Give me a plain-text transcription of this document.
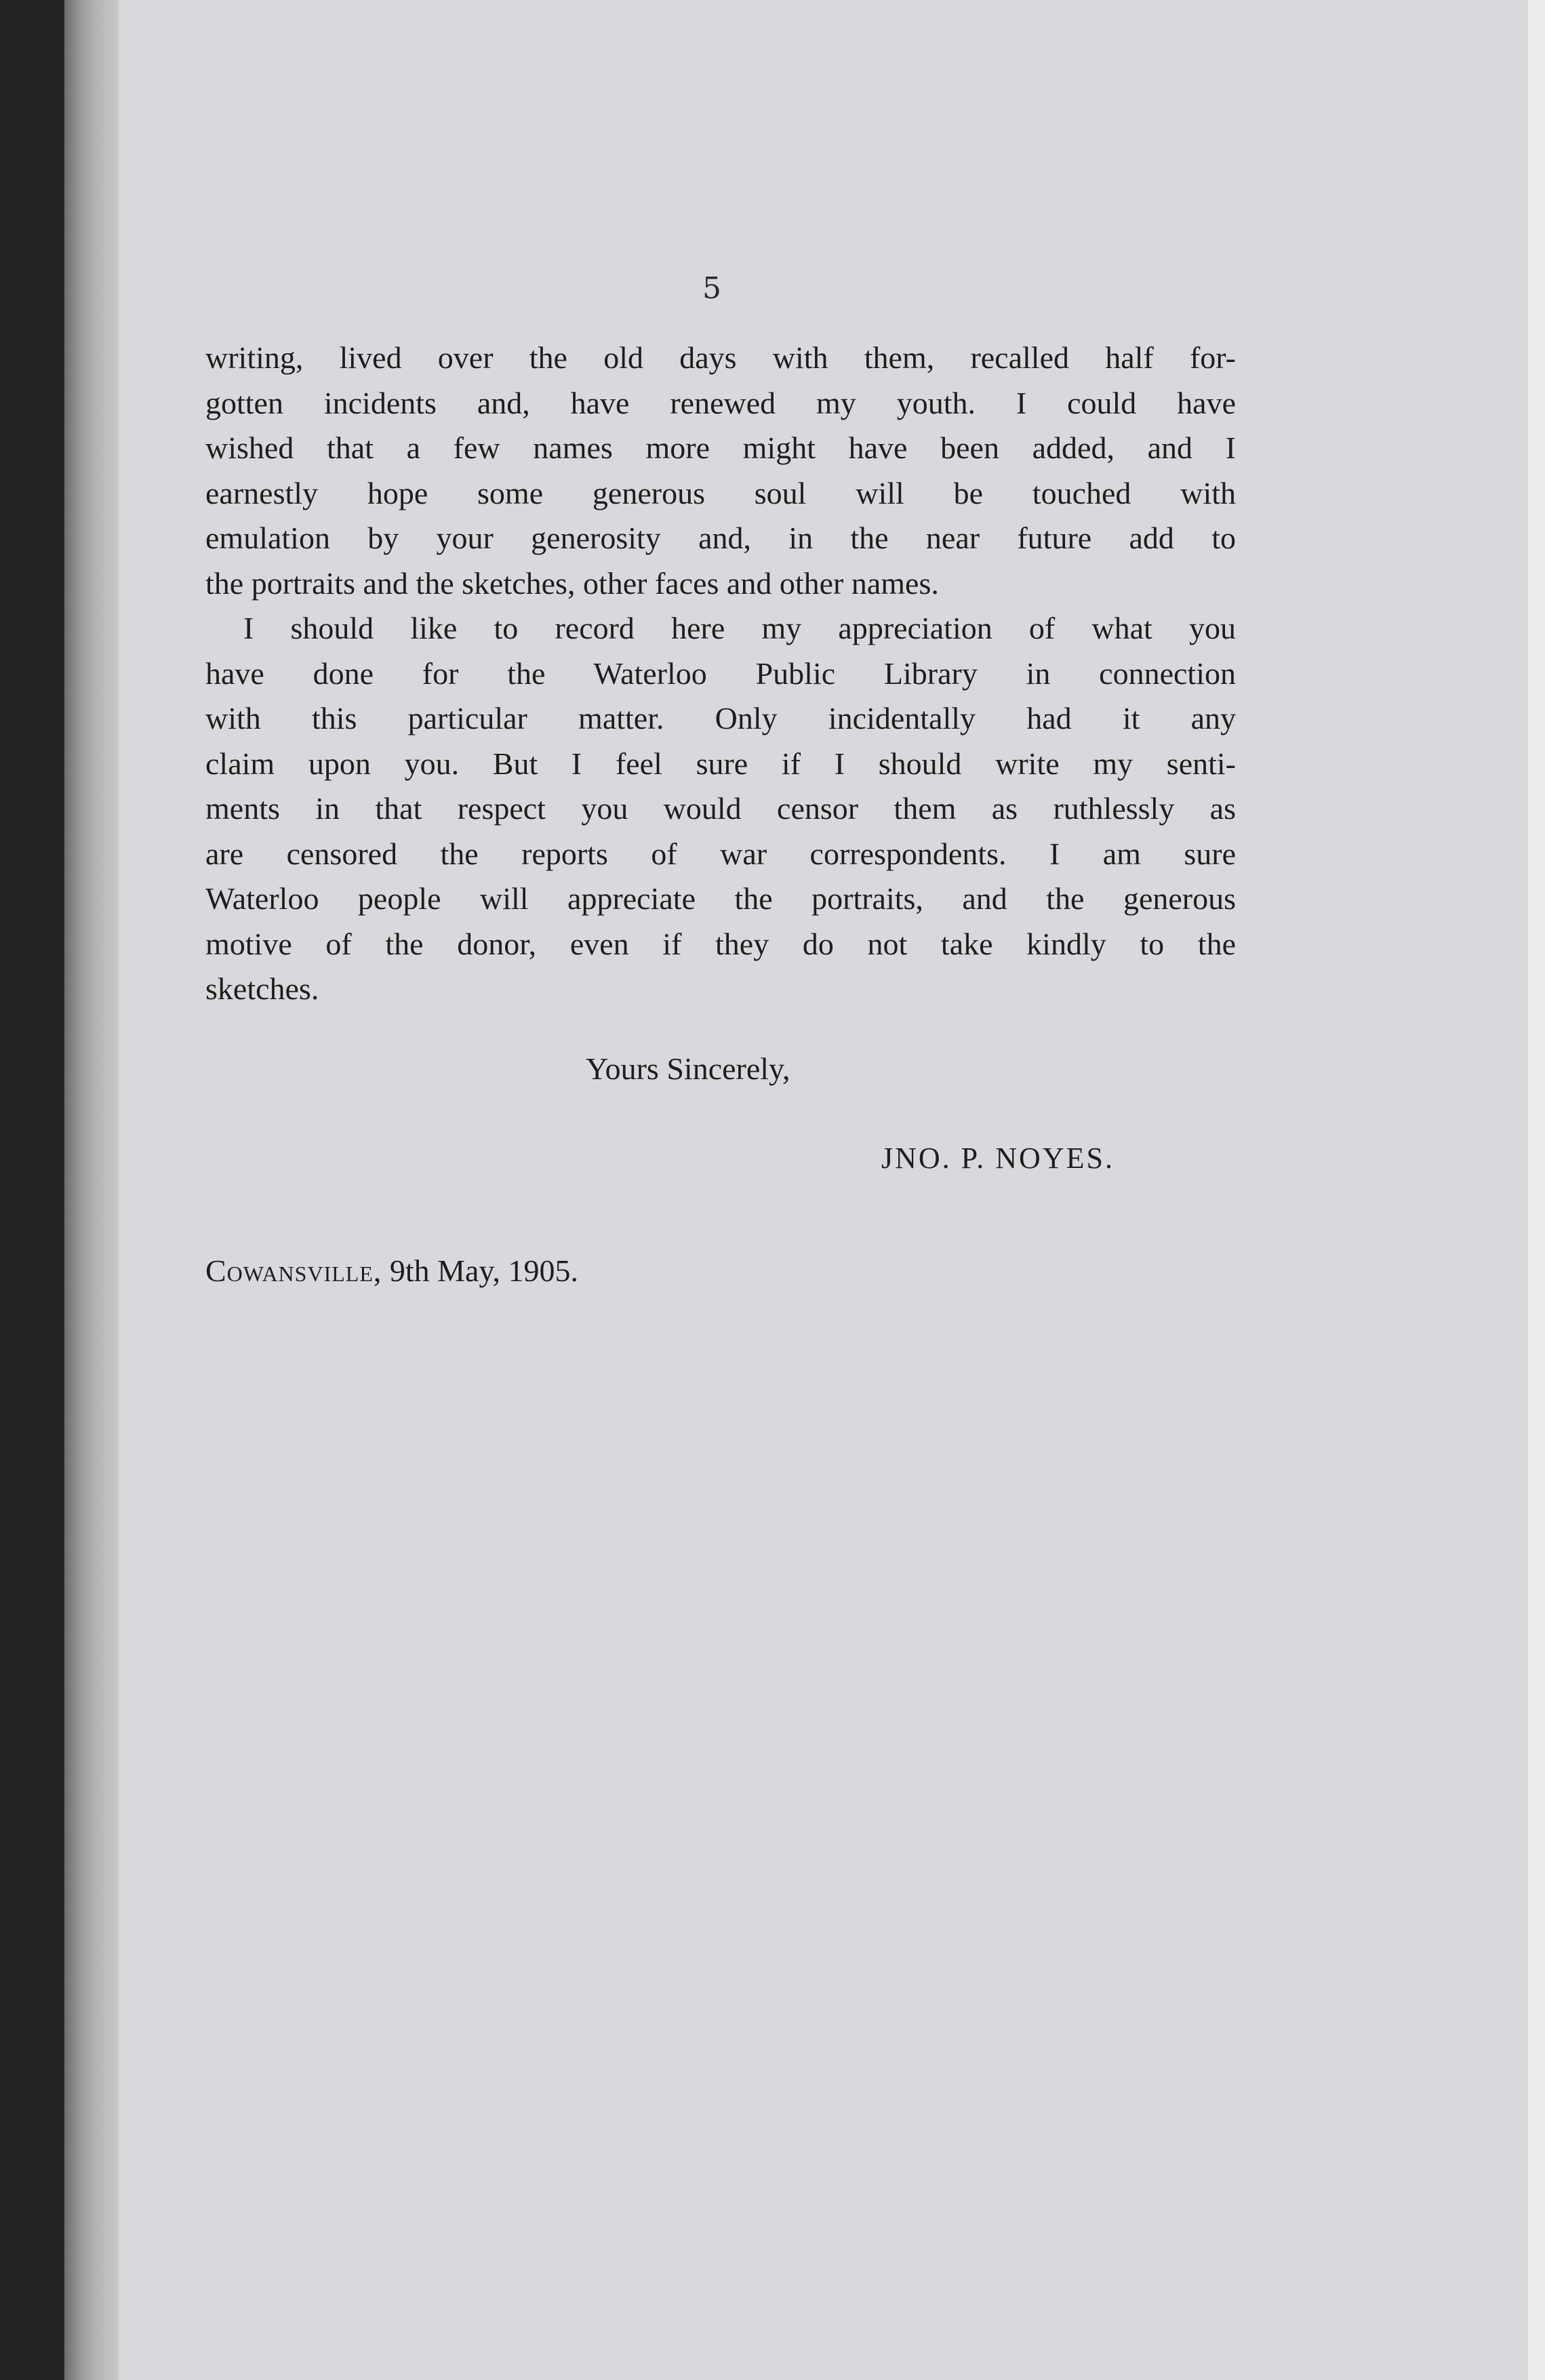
5
writing, lived over the old days with them, recalled half for-
gotten incidents and, have renewed my youth. I could have
wished that a few names more might have been added, and I
earnestly hope some generous soul will be touched with
emulation by your generosity and, in the near future add to
the portraits and the sketches, other faces and other names.
I should like to record here my appreciation of what you
have done for the Waterloo Public Library in connection
with this particular matter. Only incidentally had it any
claim upon you. But I feel sure if I should write my senti-
ments in that respect you would censor them as ruthlessly as
are censored the reports of war correspondents. I am sure
Waterloo people will appreciate the portraits, and the generous
motive of the donor, even if they do not take kindly to the
sketches.
Yours Sincerely,
JNO. P. NOYES.
Cowansville, 9th May, 1905.
